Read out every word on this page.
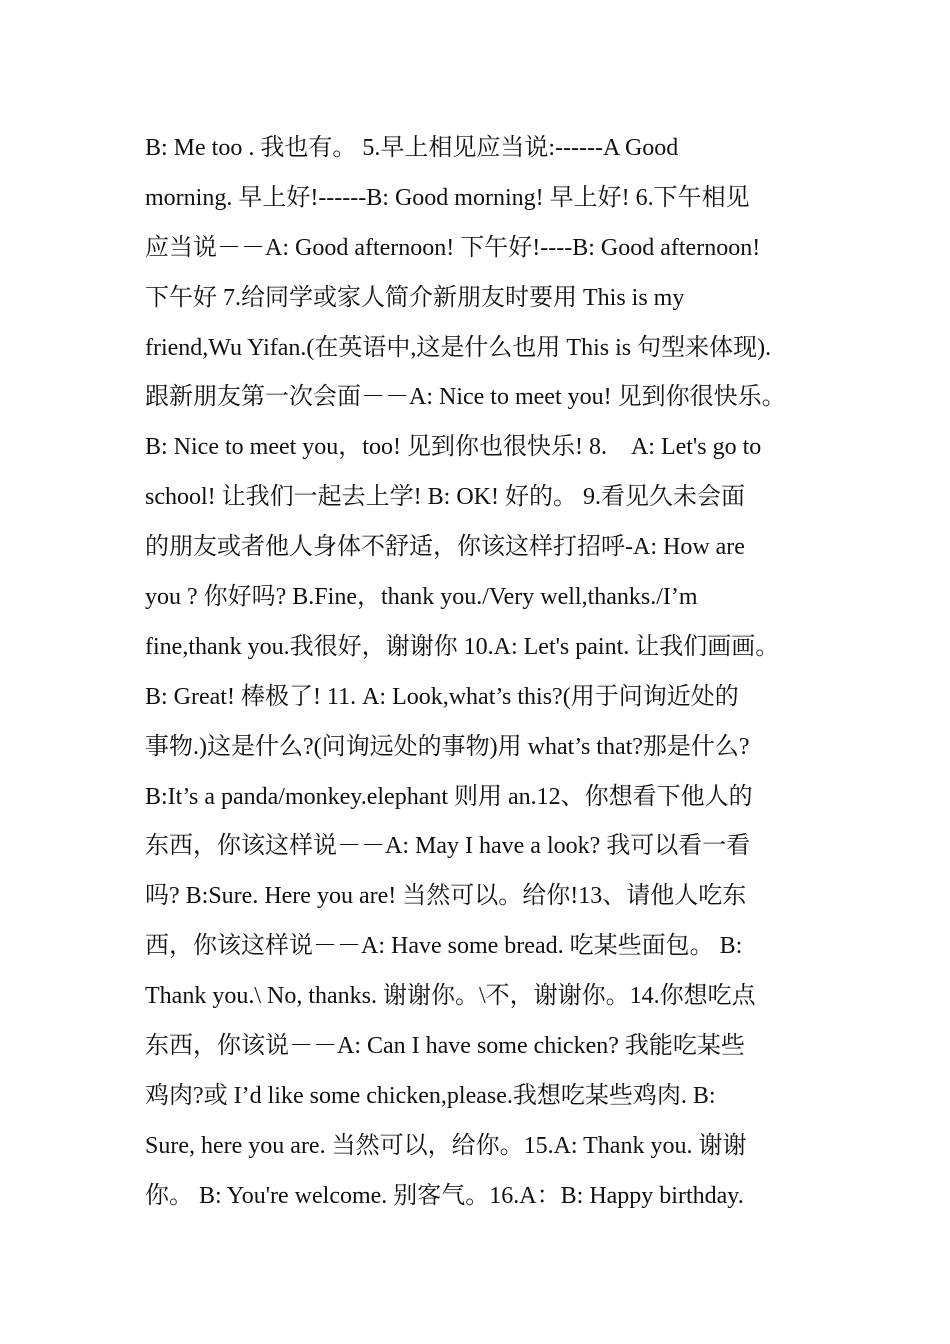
B: Me too . 我也有。 5.早上相见应当说:------A Good
morning. 早上好!------B: Good morning! 早上好! 6.下午相见
应当说－－A: Good afternoon! 下午好!----B: Good afternoon!
下午好 7.给同学或家人简介新朋友时要用 This is my
friend,Wu Yifan.(在英语中,这是什么也用 This is 句型来体现).
跟新朋友第一次会面－－A: Nice to meet you! 见到你很快乐。
B: Nice to meet you，too! 见到你也很快乐! 8.　A: Let's go to
school! 让我们一起去上学! B: OK! 好的。 9.看见久未会面
的朋友或者他人身体不舒适，你该这样打招呼-A: How are
you ? 你好吗? B.Fine，thank you./Very well,thanks./I’m
fine,thank you.我很好，谢谢你 10.A: Let's paint. 让我们画画。
B: Great! 棒极了! 11. A: Look,what’s this?(用于问询近处的
事物.)这是什么?(问询远处的事物)用 what’s that?那是什么?
B:It’s a panda/monkey.elephant 则用 an.12、你想看下他人的
东西，你该这样说－－A: May I have a look? 我可以看一看
吗? B:Sure. Here you are! 当然可以。给你!13、请他人吃东
西，你该这样说－－A: Have some bread. 吃某些面包。 B:
Thank you.\ No, thanks. 谢谢你。\不，谢谢你。14.你想吃点
东西，你该说－－A: Can I have some chicken? 我能吃某些
鸡肉?或 I’d like some chicken,please.我想吃某些鸡肉. B:
Sure, here you are. 当然可以，给你。15.A: Thank you. 谢谢
你。 B: You're welcome. 别客气。16.A：B: Happy birthday.
